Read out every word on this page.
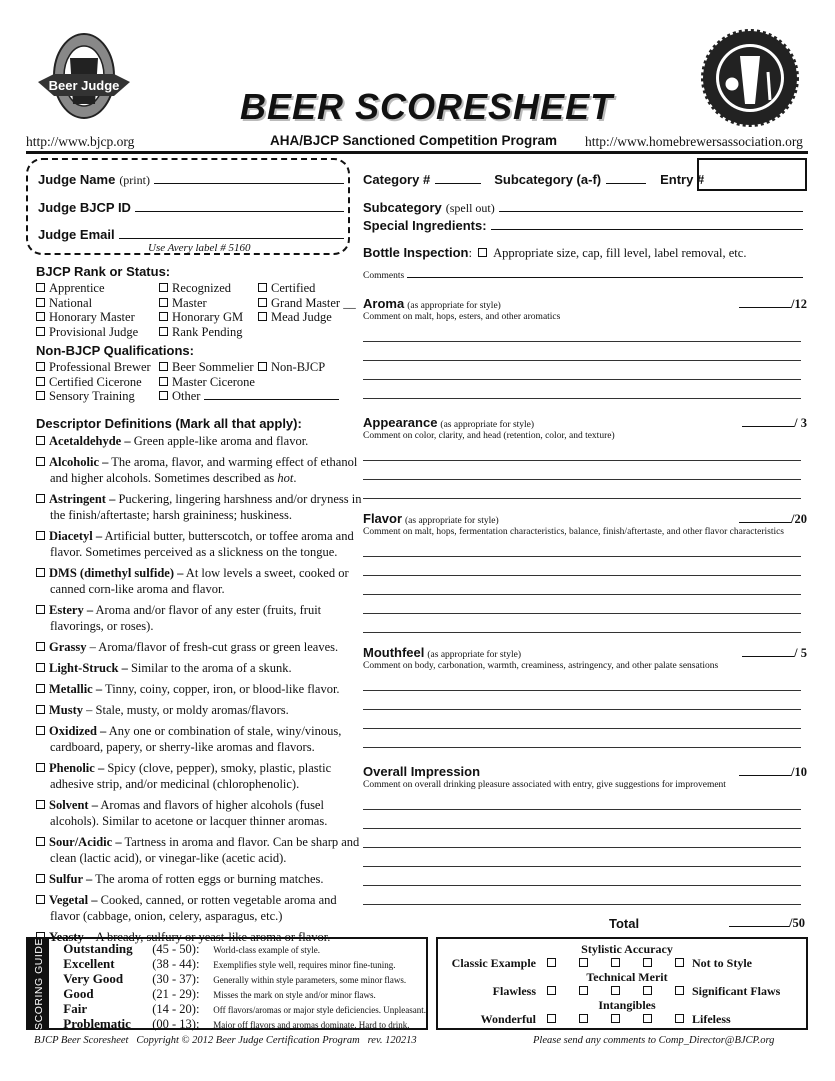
Beer Judge
BEER SCORESHEET
http://www.bjcp.org	AHA/BJCP Sanctioned Competition Program http://www.homebrewersassociation.org
Judge Name (print)
Judge BJCP ID
Judge Email
Use Avery label # 5160
BJCP Rank or Status:
Apprentice	Recognized	Certified
National	Master	Grand Master __
Honorary Master	Honorary GM	Mead Judge
Provisional Judge	Rank Pending
Non-BJCP Qualifications:
Professional Brewer	Beer Sommelier	Non-BJCP
Certified Cicerone	Master Cicerone
Sensory Training	Other
Descriptor Definitions (Mark all that apply):
Acetaldehyde – Green apple-like aroma and flavor.
Alcoholic – The aroma, flavor, and warming effect of ethanol and higher alcohols. Sometimes described as hot.
Astringent – Puckering, lingering harshness and/or dryness in the finish/aftertaste; harsh graininess; huskiness.
Diacetyl – Artificial butter, butterscotch, or toffee aroma and flavor. Sometimes perceived as a slickness on the tongue.
DMS (dimethyl sulfide) – At low levels a sweet, cooked or canned corn-like aroma and flavor.
Estery – Aroma and/or flavor of any ester (fruits, fruit flavorings, or roses).
Grassy – Aroma/flavor of fresh-cut grass or green leaves.
Light-Struck – Similar to the aroma of a skunk.
Metallic – Tinny, coiny, copper, iron, or blood-like flavor.
Musty – Stale, musty, or moldy aromas/flavors.
Oxidized – Any one or combination of stale, winy/vinous, cardboard, papery, or sherry-like aromas and flavors.
Phenolic – Spicy (clove, pepper), smoky, plastic, plastic adhesive strip, and/or medicinal (chlorophenolic).
Solvent – Aromas and flavors of higher alcohols (fusel alcohols). Similar to acetone or lacquer thinner aromas.
Sour/Acidic – Tartness in aroma and flavor. Can be sharp and clean (lactic acid), or vinegar-like (acetic acid).
Sulfur – The aroma of rotten eggs or burning matches.
Vegetal – Cooked, canned, or rotten vegetable aroma and flavor (cabbage, onion, celery, asparagus, etc.)
Yeasty – A bready, sulfury or yeast-like aroma or flavor.
Category #	Subcategory (a-f)	Entry #
Subcategory (spell out)
Special Ingredients:
Bottle Inspection : Appropriate size, cap, fill level, label removal, etc.
Comments
Aroma (as appropriate for style)	/12
Comment on malt, hops, esters, and other aromatics
Appearance (as appropriate for style)	/ 3
Comment on color, clarity, and head (retention, color, and texture)
Flavor (as appropriate for style)	/20
Comment on malt, hops, fermentation characteristics, balance, finish/aftertaste, and other flavor characteristics
Mouthfeel (as appropriate for style)	/ 5
Comment on body, carbonation, warmth, creaminess, astringency, and other palate sensations
Overall Impression	/10
Comment on overall drinking pleasure associated with entry, give suggestions for improvement
Total	/50
SCORING GUIDE Outstanding	(45 - 50):	World-class example of style.
Excellent	(38 - 44):	Exemplifies style well, requires minor fine-tuning.
Very Good	(30 - 37):	Generally within style parameters, some minor flaws.
Good	(21 - 29):	Misses the mark on style and/or minor flaws.
Fair	(14 - 20):	Off flavors/aromas or major style deficiencies. Unpleasant.
Problematic	(00 - 13):	Major off flavors and aromas dominate. Hard to drink.
Stylistic Accuracy
Classic Example	Not to Style
Technical Merit
Flawless	Significant Flaws
Intangibles
Wonderful	Lifeless
BJCP Beer Scoresheet   Copyright © 2012 Beer Judge Certification Program   rev. 120213	Please send any comments to Comp_Director@BJCP.org
